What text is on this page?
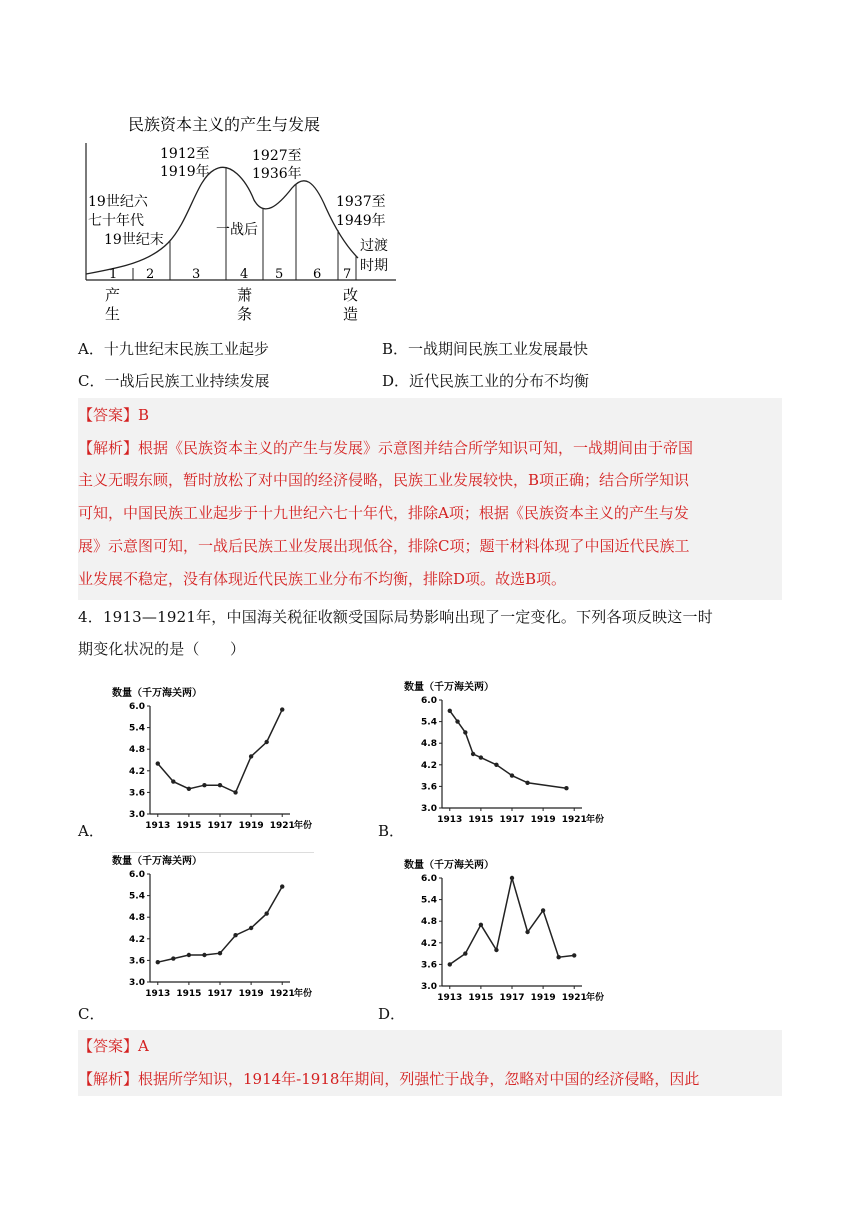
民族资本主义的产生与发展
1912至
1919年
1927至
1936年
1937至
1949年
19世纪六
七十年代
19世纪末
一战后
过渡
时期
1 2	3	4 5 6 7
产
生
萧
条
改
造
A．十九世纪末民族工业起步	B．一战期间民族工业发展最快
C．一战后民族工业持续发展	D．近代民族工业的分布不均衡
【答案】B
【解析】根据《民族资本主义的产生与发展》示意图并结合所学知识可知，一战期间由于帝国
主义无暇东顾，暂时放松了对中国的经济侵略，民族工业发展较快，B项正确；结合所学知识
可知，中国民族工业起步于十九世纪六七十年代，排除A项；根据《民族资本主义的产生与发
展》示意图可知，一战后民族工业发展出现低谷，排除C项；题干材料体现了中国近代民族工
业发展不稳定，没有体现近代民族工业分布不均衡，排除D项。故选B项。
4．1913—1921年，中国海关税征收额受国际局势影响出现了一定变化。下列各项反映这一时
期变化状况的是（　　）
A．	B．
C．	D．
数量（千万海关两）
3.0
3.6
4.2
4.8
5.4
6.0
1913 1915 1917 1919 1921 年份
数量（千万海关两）
3.0
3.6
4.2
4.8
5.4
6.0
1913 1915 1917 1919 1921 年份
数量（千万海关两）
3.0
3.6
4.2
4.8
5.4
6.0
1913 1915 1917 1919 1921 年份
数量（千万海关两）
3.0
3.6
4.2
4.8
5.4
6.0
1913 1915 1917 1919 1921 年份
【答案】A
【解析】根据所学知识，1914年-1918年期间，列强忙于战争，忽略对中国的经济侵略，因此
